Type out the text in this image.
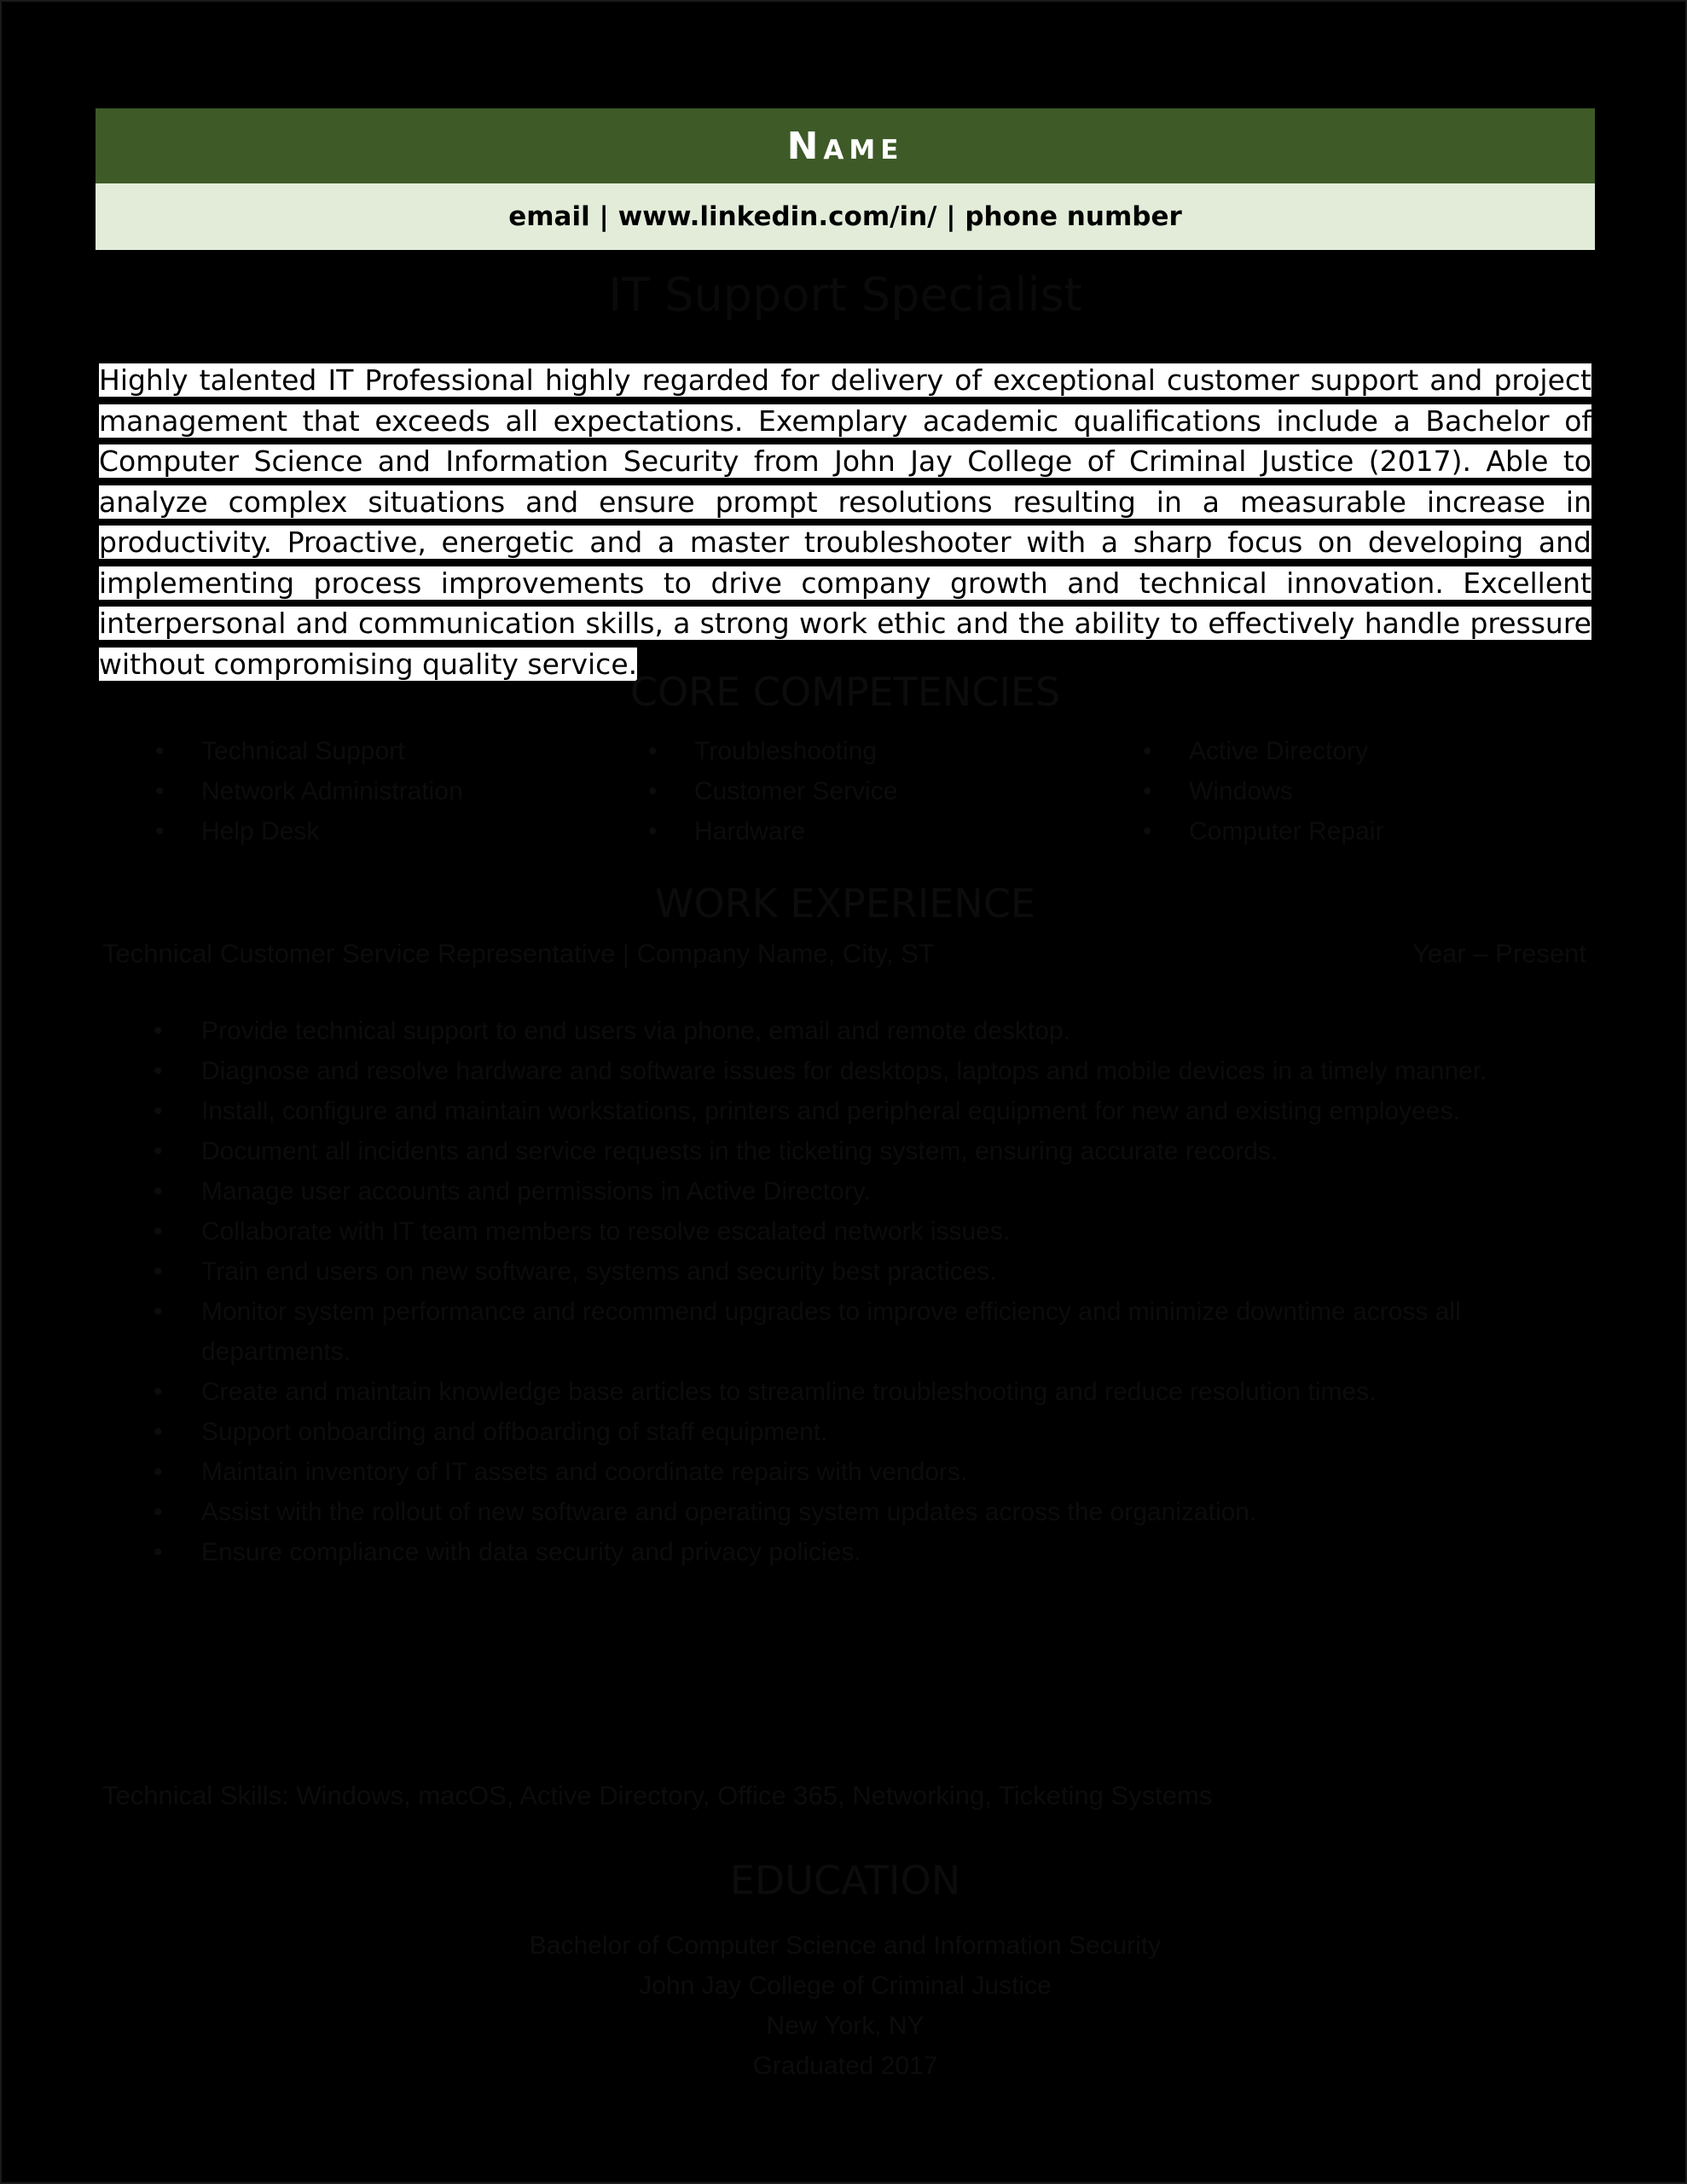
Name
email | www.linkedin.com/in/ | phone number
IT Support Specialist
Highly talented IT Professional highly regarded for delivery of exceptional customer support and project management that exceeds all expectations. Exemplary academic qualifications include a Bachelor of Computer Science and Information Security from John Jay College of Criminal Justice (2017). Able to analyze complex situations and ensure prompt resolutions resulting in a measurable increase in productivity. Proactive, energetic and a master troubleshooter with a sharp focus on developing and implementing process improvements to drive company growth and technical innovation. Excellent interpersonal and communication skills, a strong work ethic and the ability to effectively handle pressure without compromising quality service.
CORE COMPETENCIES
• Technical Support
• Network Administration
• Help Desk
• Troubleshooting
• Customer Service
• Hardware
• Active Directory
• Windows
• Computer Repair
WORK EXPERIENCE
Technical Customer Service Representative | Company Name, City, ST	Year – Present
• Provide technical support to end users via phone, email and remote desktop.
• Diagnose and resolve hardware and software issues for desktops, laptops and mobile devices in a timely manner.
• Install, configure and maintain workstations, printers and peripheral equipment for new and existing employees.
• Document all incidents and service requests in the ticketing system, ensuring accurate records.
• Manage user accounts and permissions in Active Directory.
• Collaborate with IT team members to resolve escalated network issues.
• Train end users on new software, systems and security best practices.
• Monitor system performance and recommend upgrades to improve efficiency and minimize downtime across all departments.
• Create and maintain knowledge base articles to streamline troubleshooting and reduce resolution times.
• Support onboarding and offboarding of staff equipment.
• Maintain inventory of IT assets and coordinate repairs with vendors.
• Assist with the rollout of new software and operating system updates across the organization.
• Ensure compliance with data security and privacy policies.
Technical Skills: Windows, macOS, Active Directory, Office 365, Networking, Ticketing Systems
EDUCATION
Bachelor of Computer Science and Information Security
John Jay College of Criminal Justice
New York, NY
Graduated 2017
